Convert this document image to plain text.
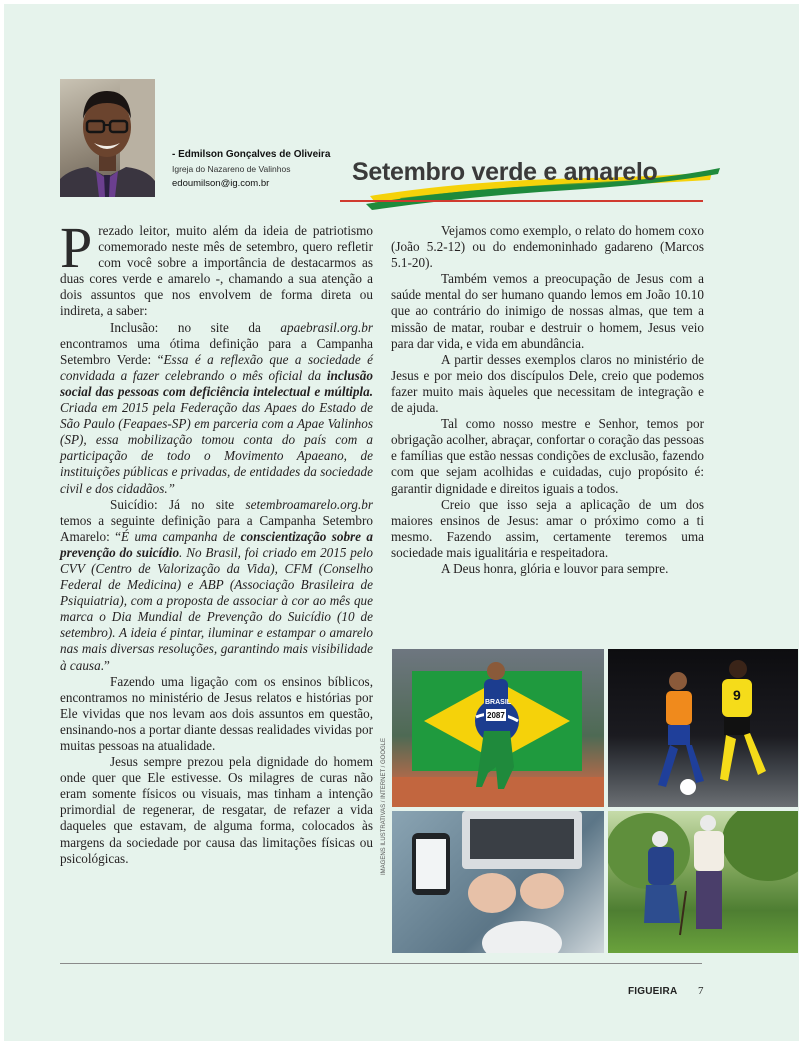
- Edmilson Gonçalves de Oliveira
Igreja do Nazareno de Valinhos
edoumilson@ig.com.br	Setembro verde e amarelo

Prezado leitor, muito além da ideia de patriotismo comemorado neste mês de setembro, quero refletir com você sobre a importância de destacarmos as duas cores verde e amarelo -, chamando a sua atenção a dois assuntos que nos envolvem de forma direta ou indireta, a saber:

Inclusão: no site da apaebrasil.org.br encontramos uma ótima definição para a Campanha Setembro Verde: “Essa é a reflexão que a sociedade é convidada a fazer celebrando o mês oficial da inclusão social das pessoas com deficiência intelectual e múltipla. Criada em 2015 pela Federação das Apaes do Estado de São Paulo (Feapaes-SP) em parceria com a Apae Valinhos (SP), essa mobilização tomou conta do país com a participação de todo o Movimento Apaeano, de instituições públicas e privadas, de entidades da sociedade civil e dos cidadãos.”

Suicídio: Já no site setembroamarelo.org.br temos a seguinte definição para a Campanha Setembro Amarelo: “É uma campanha de conscientização sobre a prevenção do suicídio. No Brasil, foi criado em 2015 pelo CVV (Centro de Valorização da Vida), CFM (Conselho Federal de Medicina) e ABP (Associação Brasileira de Psiquiatria), com a proposta de associar à cor ao mês que marca o Dia Mundial de Prevenção do Suicídio (10 de setembro). A ideia é pintar, iluminar e estampar o amarelo nas mais diversas resoluções, garantindo mais visibilidade à causa.”

Fazendo uma ligação com os ensinos bíblicos, encontramos no ministério de Jesus relatos e histórias por Ele vividas que nos levam aos dois assuntos em questão, ensinando-nos a portar diante dessas realidades vividas por muitas pessoas na atualidade.

Jesus sempre prezou pela dignidade do homem onde quer que Ele estivesse. Os milagres de curas não eram somente físicos ou visuais, mas tinham a intenção primordial de regenerar, de resgatar, de refazer a vida daqueles que estavam, de alguma forma, colocados às margens da sociedade por causa das limitações físicas ou psicológicas.

Vejamos como exemplo, o relato do homem coxo (João 5.2-12) ou do endemoninhado gadareno (Marcos 5.1-20).

Também vemos a preocupação de Jesus com a saúde mental do ser humano quando lemos em João 10.10 que ao contrário do inimigo de nossas almas, que tem a missão de matar, roubar e destruir o homem, Jesus veio para dar vida, e vida em abundância.

A partir desses exemplos claros no ministério de Jesus e por meio dos discípulos Dele, creio que podemos fazer muito mais àqueles que necessitam de integração e de ajuda.

Tal como nosso mestre e Senhor, temos por obrigação acolher, abraçar, confortar o coração das pessoas e famílias que estão nessas condições de exclusão, fazendo com que sejam acolhidas e cuidadas, cujo propósito é: garantir dignidade e direitos iguais a todos.

Creio que isso seja a aplicação de um dos maiores ensinos de Jesus: amar o próximo como a ti mesmo. Fazendo assim, certamente teremos uma sociedade mais igualitária e respeitadora.

A Deus honra, glória e louvor para sempre.

BRASIL
2087
9
IMAGENS ILUSTRATIVAS / INTERNET / GOOGLE
FIGUEIRA 7
